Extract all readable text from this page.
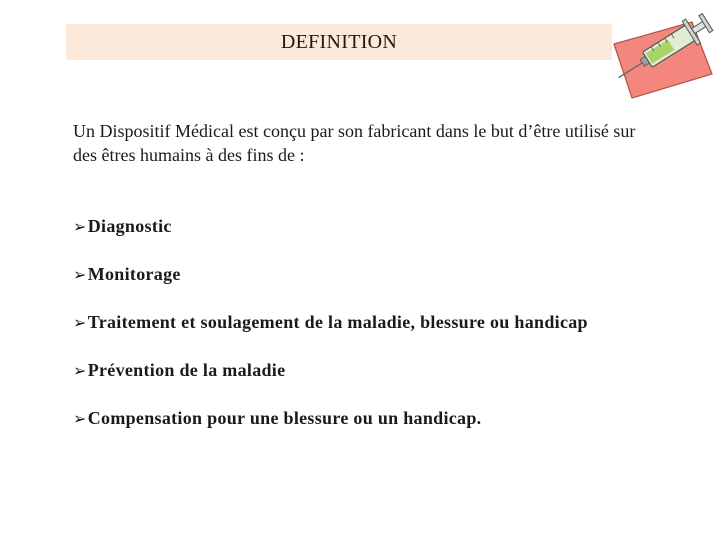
DEFINITION
Un Dispositif Médical est conçu par son fabricant dans le but d’être utilisé sur des êtres humains à des fins de :
➢ Diagnostic
➢ Monitorage
➢ Traitement et soulagement de la maladie, blessure ou handicap
➢ Prévention de la maladie
➢ Compensation pour une blessure ou un handicap.
